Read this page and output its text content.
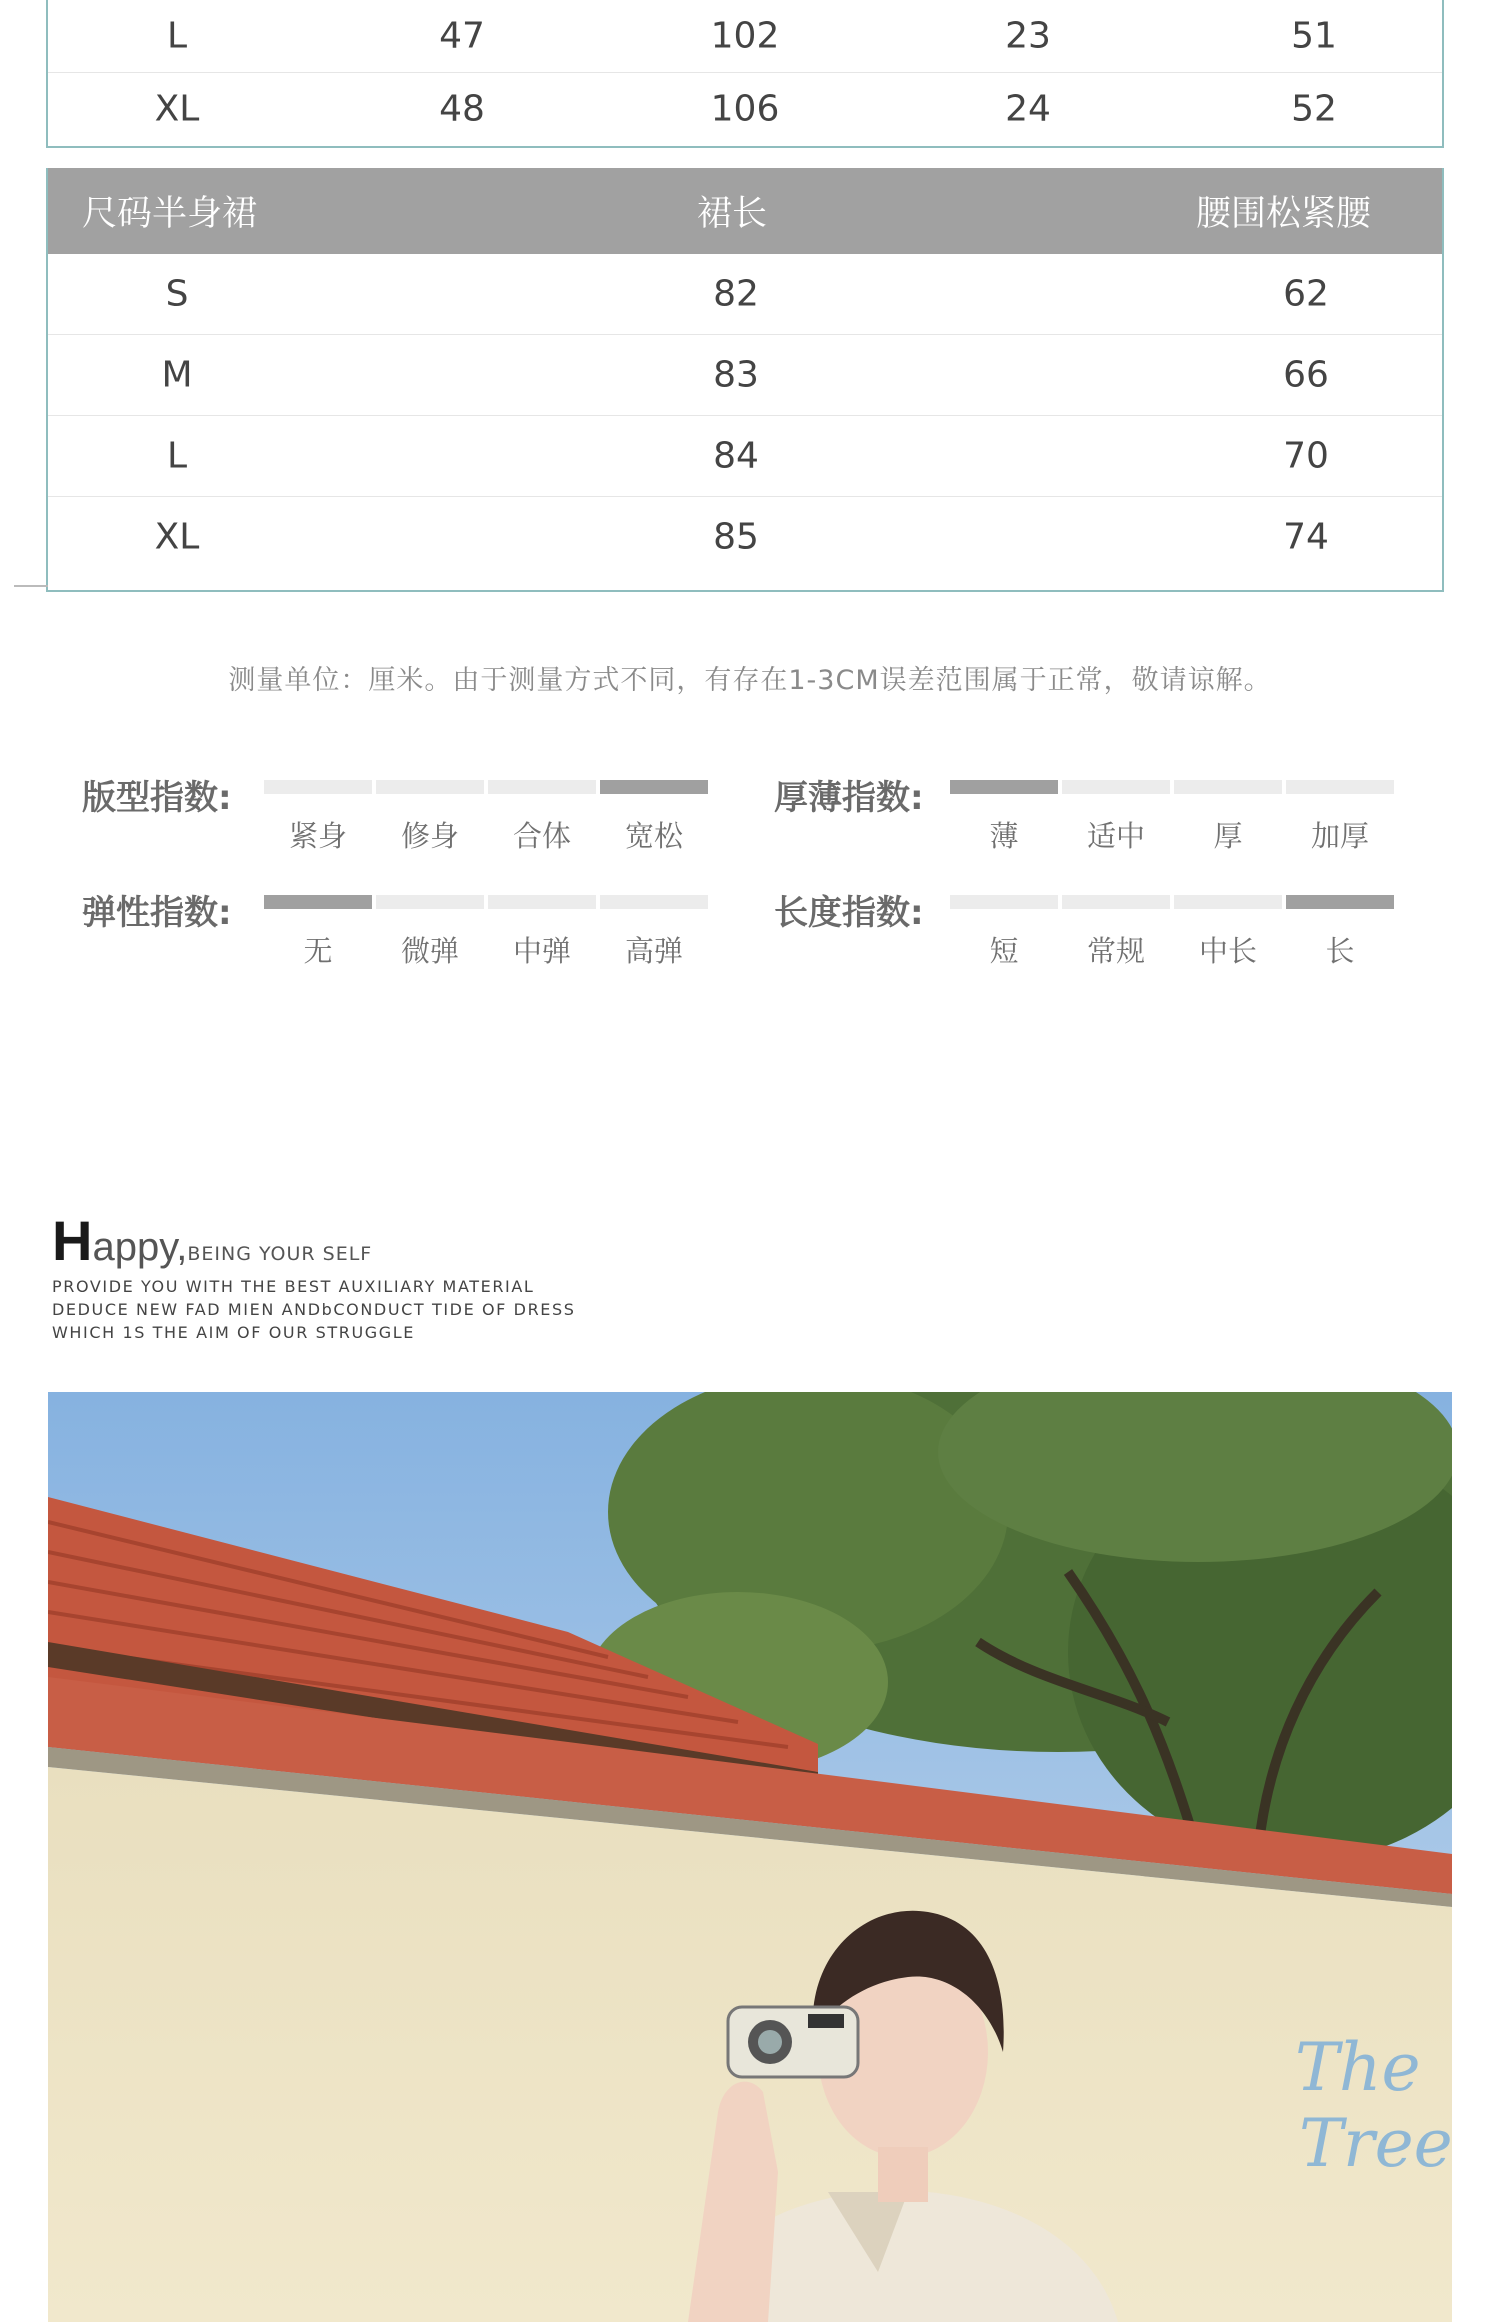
L	47	102	23	51
XL	48	106	24	52
尺码半身裙	裙长	腰围松紧腰
S	82	62
M	83	66
L	84	70
XL	85	74
测量单位：厘米。由于测量方式不同，有存在1-3CM误差范围属于正常，敬请谅解。
版型指数:
紧身	修身	合体	宽松
厚薄指数:
薄	适中	厚	加厚
弹性指数:
无	微弹	中弹	高弹
长度指数:
短	常规	中长	长
Happy,BEING YOUR SELF
PROVIDE YOU WITH THE BEST AUXILIARY MATERIAL
DEDUCE NEW FAD MIEN ANDbCONDUCT TIDE OF DRESS
WHICH 1S THE AIM OF OUR STRUGGLE
The
Tree
